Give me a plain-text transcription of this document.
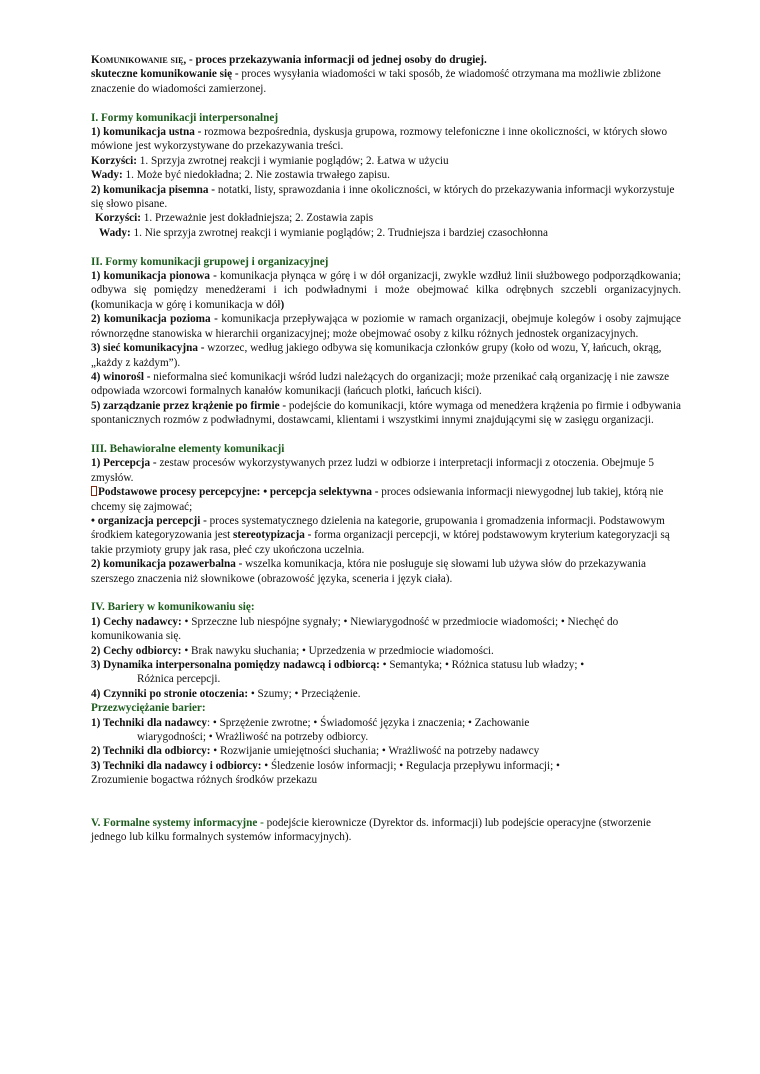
Komunikowanie się, - proces przekazywania informacji od jednej osoby do drugiej.

skuteczne komunikowanie się - proces wysyłania wiadomości w taki sposób, że wiadomość otrzymana ma możliwie zbliżone znaczenie do wiadomości zamierzonej.

I. Formy komunikacji interpersonalnej

1) komunikacja ustna - rozmowa bezpośrednia, dyskusja grupowa, rozmowy telefoniczne i inne okoliczności, w których słowo mówione jest wykorzystywane do przekazywania treści.

Korzyści: 1. Sprzyja zwrotnej reakcji i wymianie poglądów; 2. Łatwa w użyciu

Wady: 1. Może być niedokładna; 2. Nie zostawia trwałego zapisu.

2) komunikacja pisemna - notatki, listy, sprawozdania i inne okoliczności, w których do przekazywania informacji wykorzystuje się słowo pisane.

Korzyści: 1. Przeważnie jest dokładniejsza; 2. Zostawia zapis

Wady: 1. Nie sprzyja zwrotnej reakcji i wymianie poglądów; 2. Trudniejsza i bardziej czasochłonna

II. Formy komunikacji grupowej i organizacyjnej

1) komunikacja pionowa - komunikacja płynąca w górę i w dół organizacji, zwykle wzdłuż linii służbowego podporządkowania; odbywa się pomiędzy menedżerami i ich podwładnymi i może obejmować kilka odrębnych szczebli organizacyjnych. (komunikacja w górę i komunikacja w dół)

2) komunikacja pozioma - komunikacja przepływająca w poziomie w ramach organizacji, obejmuje kolegów i osoby zajmujące równorzędne stanowiska w hierarchii organizacyjnej; może obejmować osoby z kilku różnych jednostek organizacyjnych.

3) sieć komunikacyjna - wzorzec, według jakiego odbywa się komunikacja członków grupy (koło od wozu, Y, łańcuch, okrąg, „każdy z każdym”).

4) winorośl - nieformalna sieć komunikacji wśród ludzi należących do organizacji; może przenikać całą organizację i nie zawsze odpowiada wzorcowi formalnych kanałów komunikacji (łańcuch plotki, łańcuch kiści).

5) zarządzanie przez krążenie po firmie - podejście do komunikacji, które wymaga od menedżera krążenia po firmie i odbywania spontanicznych rozmów z podwładnymi, dostawcami, klientami i wszystkimi innymi znajdującymi się w zasięgu organizacji.

III. Behawioralne elementy komunikacji

1) Percepcja - zestaw procesów wykorzystywanych przez ludzi w odbiorze i interpretacji informacji z otoczenia. Obejmuje 5 zmysłów.

Podstawowe procesy percepcyjne: • percepcja selektywna - proces odsiewania informacji niewygodnej lub takiej, którą nie chcemy się zajmować;

• organizacja percepcji - proces systematycznego dzielenia na kategorie, grupowania i gromadzenia informacji. Podstawowym środkiem kategoryzowania jest stereotypizacja - forma organizacji percepcji, w której podstawowym kryterium kategoryzacji są takie przymioty grupy jak rasa, płeć czy ukończona uczelnia.

2) komunikacja pozawerbalna - wszelka komunikacja, która nie posługuje się słowami lub używa słów do przekazywania szerszego znaczenia niż słownikowe (obrazowość języka, sceneria i język ciała).

IV. Bariery w komunikowaniu się:

1) Cechy nadawcy: • Sprzeczne lub niespójne sygnały; • Niewiarygodność w przedmiocie wiadomości; • Niechęć do komunikowania się.

2) Cechy odbiorcy: • Brak nawyku słuchania; • Uprzedzenia w przedmiocie wiadomości.

3) Dynamika interpersonalna pomiędzy nadawcą i odbiorcą: • Semantyka; • Różnica statusu lub władzy; •

Różnica percepcji.

4) Czynniki po stronie otoczenia: • Szumy; • Przeciążenie.

Przezwyciężanie barier:

1) Techniki dla nadawcy: • Sprzężenie zwrotne; • Świadomość języka i znaczenia; • Zachowanie

wiarygodności; • Wrażliwość na potrzeby odbiorcy.

2) Techniki dla odbiorcy: • Rozwijanie umiejętności słuchania; • Wrażliwość na potrzeby nadawcy

3) Techniki dla nadawcy i odbiorcy: • Śledzenie losów informacji; • Regulacja przepływu informacji; •

Zrozumienie bogactwa różnych środków przekazu

V. Formalne systemy informacyjne - podejście kierownicze (Dyrektor ds. informacji) lub podejście operacyjne (stworzenie jednego lub kilku formalnych systemów informacyjnych).
